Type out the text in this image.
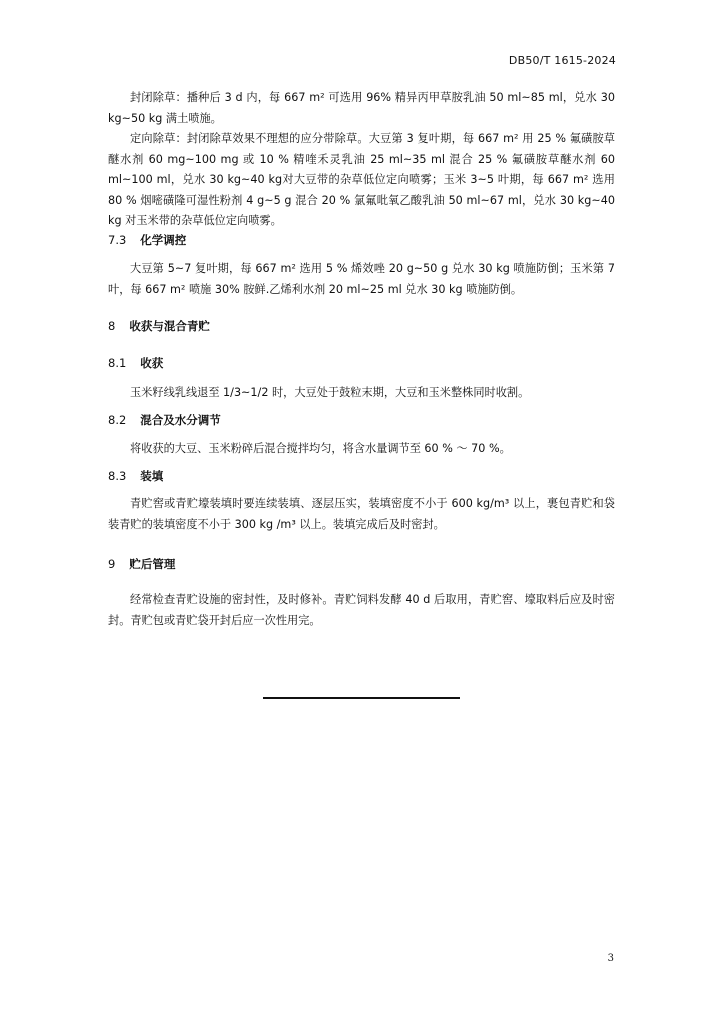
DB50/T 1615-2024

封闭除草：播种后 3 d 内，每 667 m² 可选用 96% 精异丙甲草胺乳油 50 ml~85 ml，兑水 30 kg~50 kg 满土喷施。

定向除草：封闭除草效果不理想的应分带除草。大豆第 3 复叶期，每 667 m² 用 25 % 氟磺胺草醚水剂 60 mg~100 mg 或 10 % 精喹禾灵乳油 25 ml~35 ml 混合 25 % 氟磺胺草醚水剂 60 ml~100 ml，兑水 30 kg~40 kg对大豆带的杂草低位定向喷雾；玉米 3~5 叶期，每 667 m² 选用 80 % 烟嘧磺隆可湿性粉剂 4 g~5 g 混合 20 % 氯氟吡氧乙酸乳油 50 ml~67 ml，兑水 30 kg~40 kg 对玉米带的杂草低位定向喷雾。

7.3 化学调控

大豆第 5~7 复叶期，每 667 m² 选用 5 % 烯效唑 20 g~50 g 兑水 30 kg 喷施防倒；玉米第 7 叶，每 667 m² 喷施 30% 胺鲜.乙烯利水剂 20 ml~25 ml 兑水 30 kg 喷施防倒。

8 收获与混合青贮
8.1 收获

玉米籽线乳线退至 1/3~1/2 时，大豆处于鼓粒末期，大豆和玉米整株同时收割。

8.2 混合及水分调节

将收获的大豆、玉米粉碎后混合搅拌均匀，将含水量调节至 60 % ～ 70 %。

8.3 装填

青贮窖或青贮壕装填时要连续装填、逐层压实，装填密度不小于 600 kg/m³ 以上，裹包青贮和袋装青贮的装填密度不小于 300 kg /m³ 以上。装填完成后及时密封。

9 贮后管理

经常检查青贮设施的密封性，及时修补。青贮饲料发酵 40 d 后取用，青贮窖、壕取料后应及时密封。青贮包或青贮袋开封后应一次性用完。

3
